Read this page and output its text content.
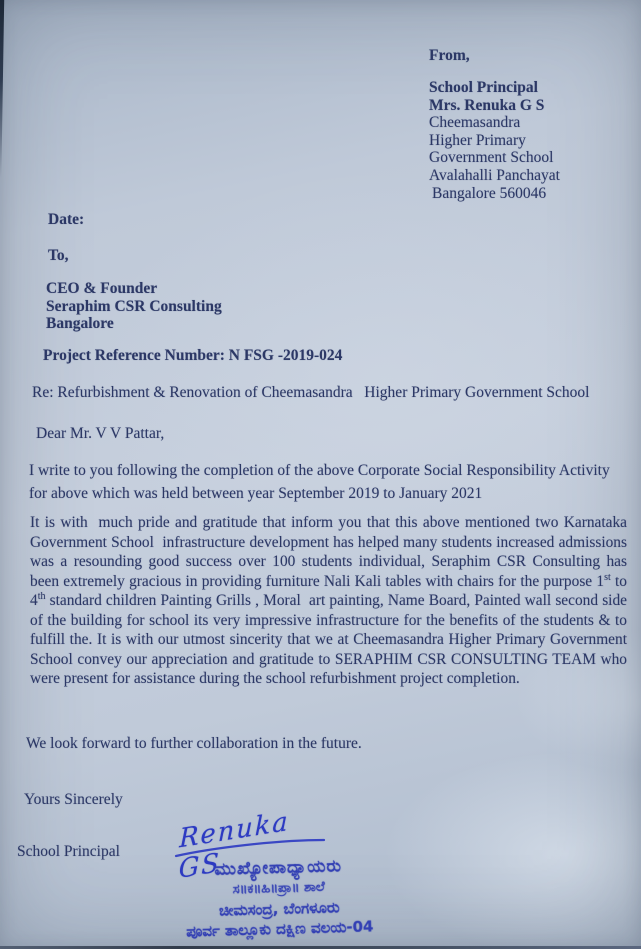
From,
School Principal
Mrs. Renuka G S
Cheemasandra
Higher Primary
Government School
Avalahalli Panchayat
Bangalore 560046
Date:
To,
CEO & Founder
Seraphim CSR Consulting
Bangalore
Project Reference Number: N FSG -2019-024
Re: Refurbishment & Renovation of Cheemasandra   Higher Primary Government School
Dear Mr. V V Pattar,

I write to you following the completion of the above Corporate Social Responsibility Activity for above which was held between year September 2019 to January 2021

It is with  much pride and gratitude that inform you that this above mentioned two Karnataka Government School  infrastructure development has helped many students increased admissions was a resounding good success over 100 students individual, Seraphim CSR Consulting has been extremely gracious in providing furniture Nali Kali tables with chairs for the purpose 1st to 4th standard children Painting Grills , Moral  art painting, Name Board, Painted wall second side of the building for school its very impressive infrastructure for the benefits of the students & to fulfill the. It is with our utmost sincerity that we at Cheemasandra Higher Primary Government School convey our appreciation and gratitude to SERAPHIM CSR CONSULTING TEAM who were present for assistance during the school refurbishment project completion.

We look forward to further collaboration in the future.

Yours Sincerely
School Principal Renuka GS
ಮುಖ್ಯೋಪಾಧ್ಯಾಯರು
ಸ॥ಕ॥ಹಿ॥ಪ್ರಾ॥ ಶಾಲೆ
ಚೀಮಸಂದ್ರ, ಬೆಂಗಳೂರು
ಪೂರ್ವ ತಾಲ್ಲೂಕು ದಕ್ಷಿಣ ವಲಯ-04
